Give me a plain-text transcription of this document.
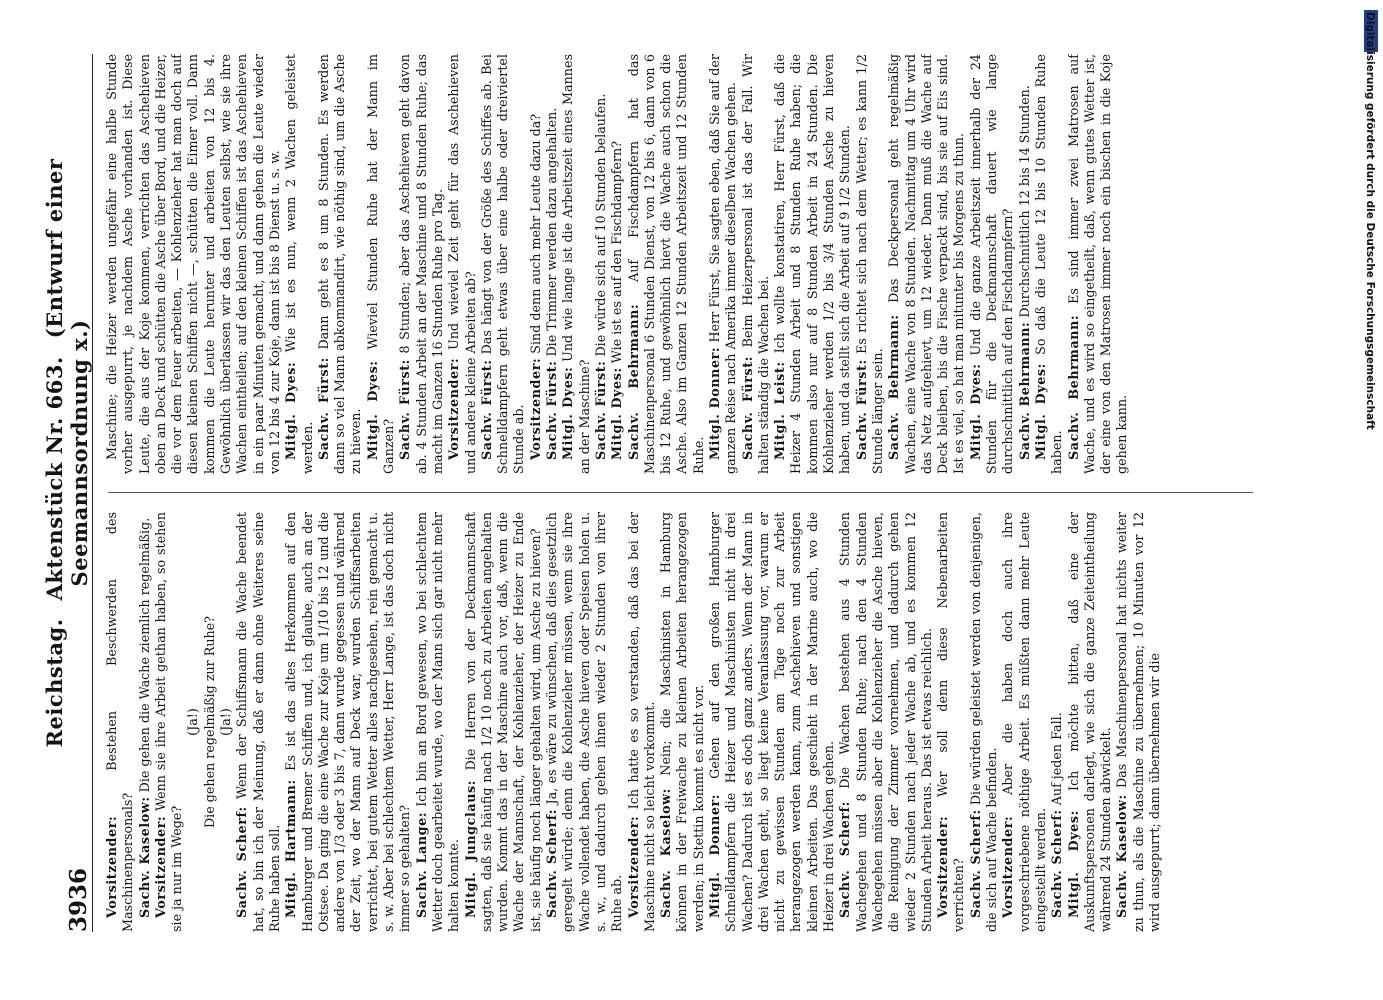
3936
Reichstag.Aktenstück Nr. 663.(Entwurf einer Seemannsordnung x.)

Vorsitzender: Bestehen Beschwerden des Maschinenpersonals? Sachv. Kaselow: Die gehen die Wache ziemlich regelmäßig.

Vorsitzender: Wenn sie ihre Arbeit gethan haben, so stehen sie ja nur im Wege?

(Ja!) Die gehen regelmäßig zur Ruhe? (Ja!)

Sachv. Scherf: Wenn der Schiffsmann die Wache beendet hat, so bin ich der Meinung, daß er dann ohne Weiteres seine Ruhe haben soll. Mitgl. Hartmann: Es ist das altes Herkommen auf den Hamburger und Bremer Schiffen und, ich glaube, auch an der Ostsee. Da ging die eine Wache zur Koje um 1/10 bis 12 und die andere von 1/3 oder 3 bis 7, dann wurde gegessen und während der Zeit, wo der Mann auf Deck war, wurden Schiffsarbeiten verrichtet, bei gutem Wetter alles nachgesehen, rein gemacht u. s. w. Aber bei schlechtem Wetter, Herr Lange, ist das doch nicht immer so gehalten? Sachv. Lange: Ich bin an Bord gewesen, wo bei schlechtem Wetter doch gearbeitet wurde, wo der Mann sich gar nicht mehr halten konnte. Mitgl. Jungclaus: Die Herren von der Deckmannschaft sagten, daß sie häufig nach 1/2 10 noch zu Arbeiten angehalten wurden. Kommt das in der Maschine auch vor, daß, wenn die Wache der Mannschaft, der Kohlenzieher, der Heizer zu Ende ist, sie häufig noch länger gehalten wird, um Asche zu hieven? Sachv. Scherf: Ja, es wäre zu wünschen, daß dies gesetzlich geregelt würde; denn die Kohlenzieher müssen, wenn sie ihre Wache vollendet haben, die Asche hieven oder Speisen holen u. s. w., und dadurch gehen ihnen wieder 2 Stunden von ihrer Ruhe ab. Vorsitzender: Ich hatte es so verstanden, daß das bei der Maschine nicht so leicht vorkommt. Sachv. Kaselow: Nein; die Maschinisten in Hamburg können in der Freiwache zu kleinen Arbeiten herangezogen werden; in Stettin kommt es nicht vor. Mitgl. Donner: Gehen auf den großen Hamburger Schnelldampfern die Heizer und Maschinisten nicht in drei Wachen? Dadurch ist es doch ganz anders. Wenn der Mann in drei Wachen geht, so liegt keine Veranlassung vor, warum er nicht zu gewissen Stunden am Tage noch zur Arbeit herangezogen werden kann, zum Aschehieven und sonstigen kleinen Arbeiten. Das geschieht in der Marine auch, wo die Heizer in drei Wachen gehen. Sachv. Scherf: Die Wachen bestehen aus 4 Stunden Wachegehen und 8 Stunden Ruhe; nach den 4 Stunden Wachegehen müssen aber die Kohlenzieher die Asche hieven, die Reinigung der Zimmer vornehmen, und dadurch gehen wieder 2 Stunden nach jeder Wache ab, und es kommen 12 Stunden Arbeit heraus. Das ist etwas reichlich. Vorsitzender: Wer soll denn diese Nebenarbeiten verrichten? Sachv. Scherf: Die würden geleistet werden von denjenigen, die sich auf Wache befinden. Vorsitzender: Aber die haben doch auch ihre vorgeschriebene nöthige Arbeit. Es müßten dann mehr Leute eingestellt werden. Sachv. Scherf: Auf jeden Fall.

Mitgl. Dyes: Ich möchte bitten, daß eine der Auskunftspersonen darlegt, wie sich die ganze Zeiteintheilung während 24 Stunden abwickelt. Sachv. Kaselow: Das Maschinenpersonal hat nichts weiter zu thun, als die Maschine zu übernehmen; 10 Minuten vor 12 wird ausgepurrt; dann übernehmen wir die

Maschine; die Heizer werden ungefähr eine halbe Stunde vorher ausgepurrt, je nachdem Asche vorhanden ist. Diese Leute, die aus der Koje kommen, verrichten das Aschehieven oben an Deck und schütten die Asche über Bord, und die Heizer, die vor dem Feuer arbeiten, — Kohlenzieher hat man doch auf diesen kleinen Schiffen nicht —, schütten die Eimer voll. Dann kommen die Leute herunter und arbeiten von 12 bis 4. Gewöhnlich überlassen wir das den Leuten selbst, wie sie ihre Wachen eintheilen; auf den kleinen Schiffen ist das Aschehieven in ein paar Minuten gemacht, und dann gehen die Leute wieder von 12 bis 4 zur Koje, dann ist bis 8 Dienst u. s. w. Mitgl. Dyes: Wie ist es nun, wenn 2 Wachen geleistet werden. Sachv. Fürst: Dann geht es 8 um 8 Stunden. Es werden dann so viel Mann abkommandirt, wie nöthig sind, um die Asche zu hieven. Mitgl. Dyes: Wieviel Stunden Ruhe hat der Mann im Ganzen? Sachv. Fürst: 8 Stunden; aber das Aschehieven geht davon ab. 4 Stunden Arbeit an der Maschine und 8 Stunden Ruhe; das macht im Ganzen 16 Stunden Ruhe pro Tag. Vorsitzender: Und wieviel Zeit geht für das Aschehieven und andere kleine Arbeiten ab? Sachv. Fürst: Das hängt von der Größe des Schiffes ab. Bei Schnelldampfern geht etwas über eine halbe oder dreiviertel Stunde ab. Vorsitzender: Sind denn auch mehr Leute dazu da?

Sachv. Fürst: Die Trimmer werden dazu angehalten.

Mitgl. Dyes: Und wie lange ist die Arbeitszeit eines Mannes an der Maschine? Sachv. Fürst: Die würde sich auf 10 Stunden belaufen.

Mitgl. Dyes: Wie ist es auf den Fischdampfern?

Sachv. Behrmann: Auf Fischdampfern hat das Maschinenpersonal 6 Stunden Dienst, von 12 bis 6, dann von 6 bis 12 Ruhe, und gewöhnlich hievt die Wache auch schon die Asche. Also im Ganzen 12 Stunden Arbeitszeit und 12 Stunden Ruhe. Mitgl. Donner: Herr Fürst, Sie sagten eben, daß Sie auf der ganzen Reise nach Amerika immer dieselben Wachen gehen. Sachv. Fürst: Beim Heizerpersonal ist das der Fall. Wir halten ständig die Wachen bei. Mitgl. Leist: Ich wollte konstatiren, Herr Fürst, daß die Heizer 4 Stunden Arbeit und 8 Stunden Ruhe haben; die kommen also nur auf 8 Stunden Arbeit in 24 Stunden. Die Kohlenzieher werden 1/2 bis 3/4 Stunden Asche zu hieven haben, und da stellt sich die Arbeit auf 9 1/2 Stunden. Sachv. Fürst: Es richtet sich nach dem Wetter; es kann 1/2 Stunde länger sein. Sachv. Behrmann: Das Deckpersonal geht regelmäßig Wachen, eine Wache von 8 Stunden. Nachmittag um 4 Uhr wird das Netz aufgehievt, um 12 wieder. Dann muß die Wache auf Deck bleiben, bis die Fische verpackt sind, bis sie auf Eis sind. Ist es viel, so hat man mitunter bis Morgens zu thun. Mitgl. Dyes: Und die ganze Arbeitszeit innerhalb der 24 Stunden für die Deckmannschaft dauert wie lange durchschnittlich auf den Fischdampfern? Sachv. Behrmann: Durchschnittlich 12 bis 14 Stunden.

Mitgl. Dyes: So daß die Leute 12 bis 10 Stunden Ruhe haben. Sachv. Behrmann: Es sind immer zwei Matrosen auf Wache, und es wird so eingetheilt, daß, wenn gutes Wetter ist, der eine von den Matrosen immer noch ein bischen in die Koje gehen kann.

Digitalisierung gefördert durch die Deutsche Forschungsgemeinschaft
